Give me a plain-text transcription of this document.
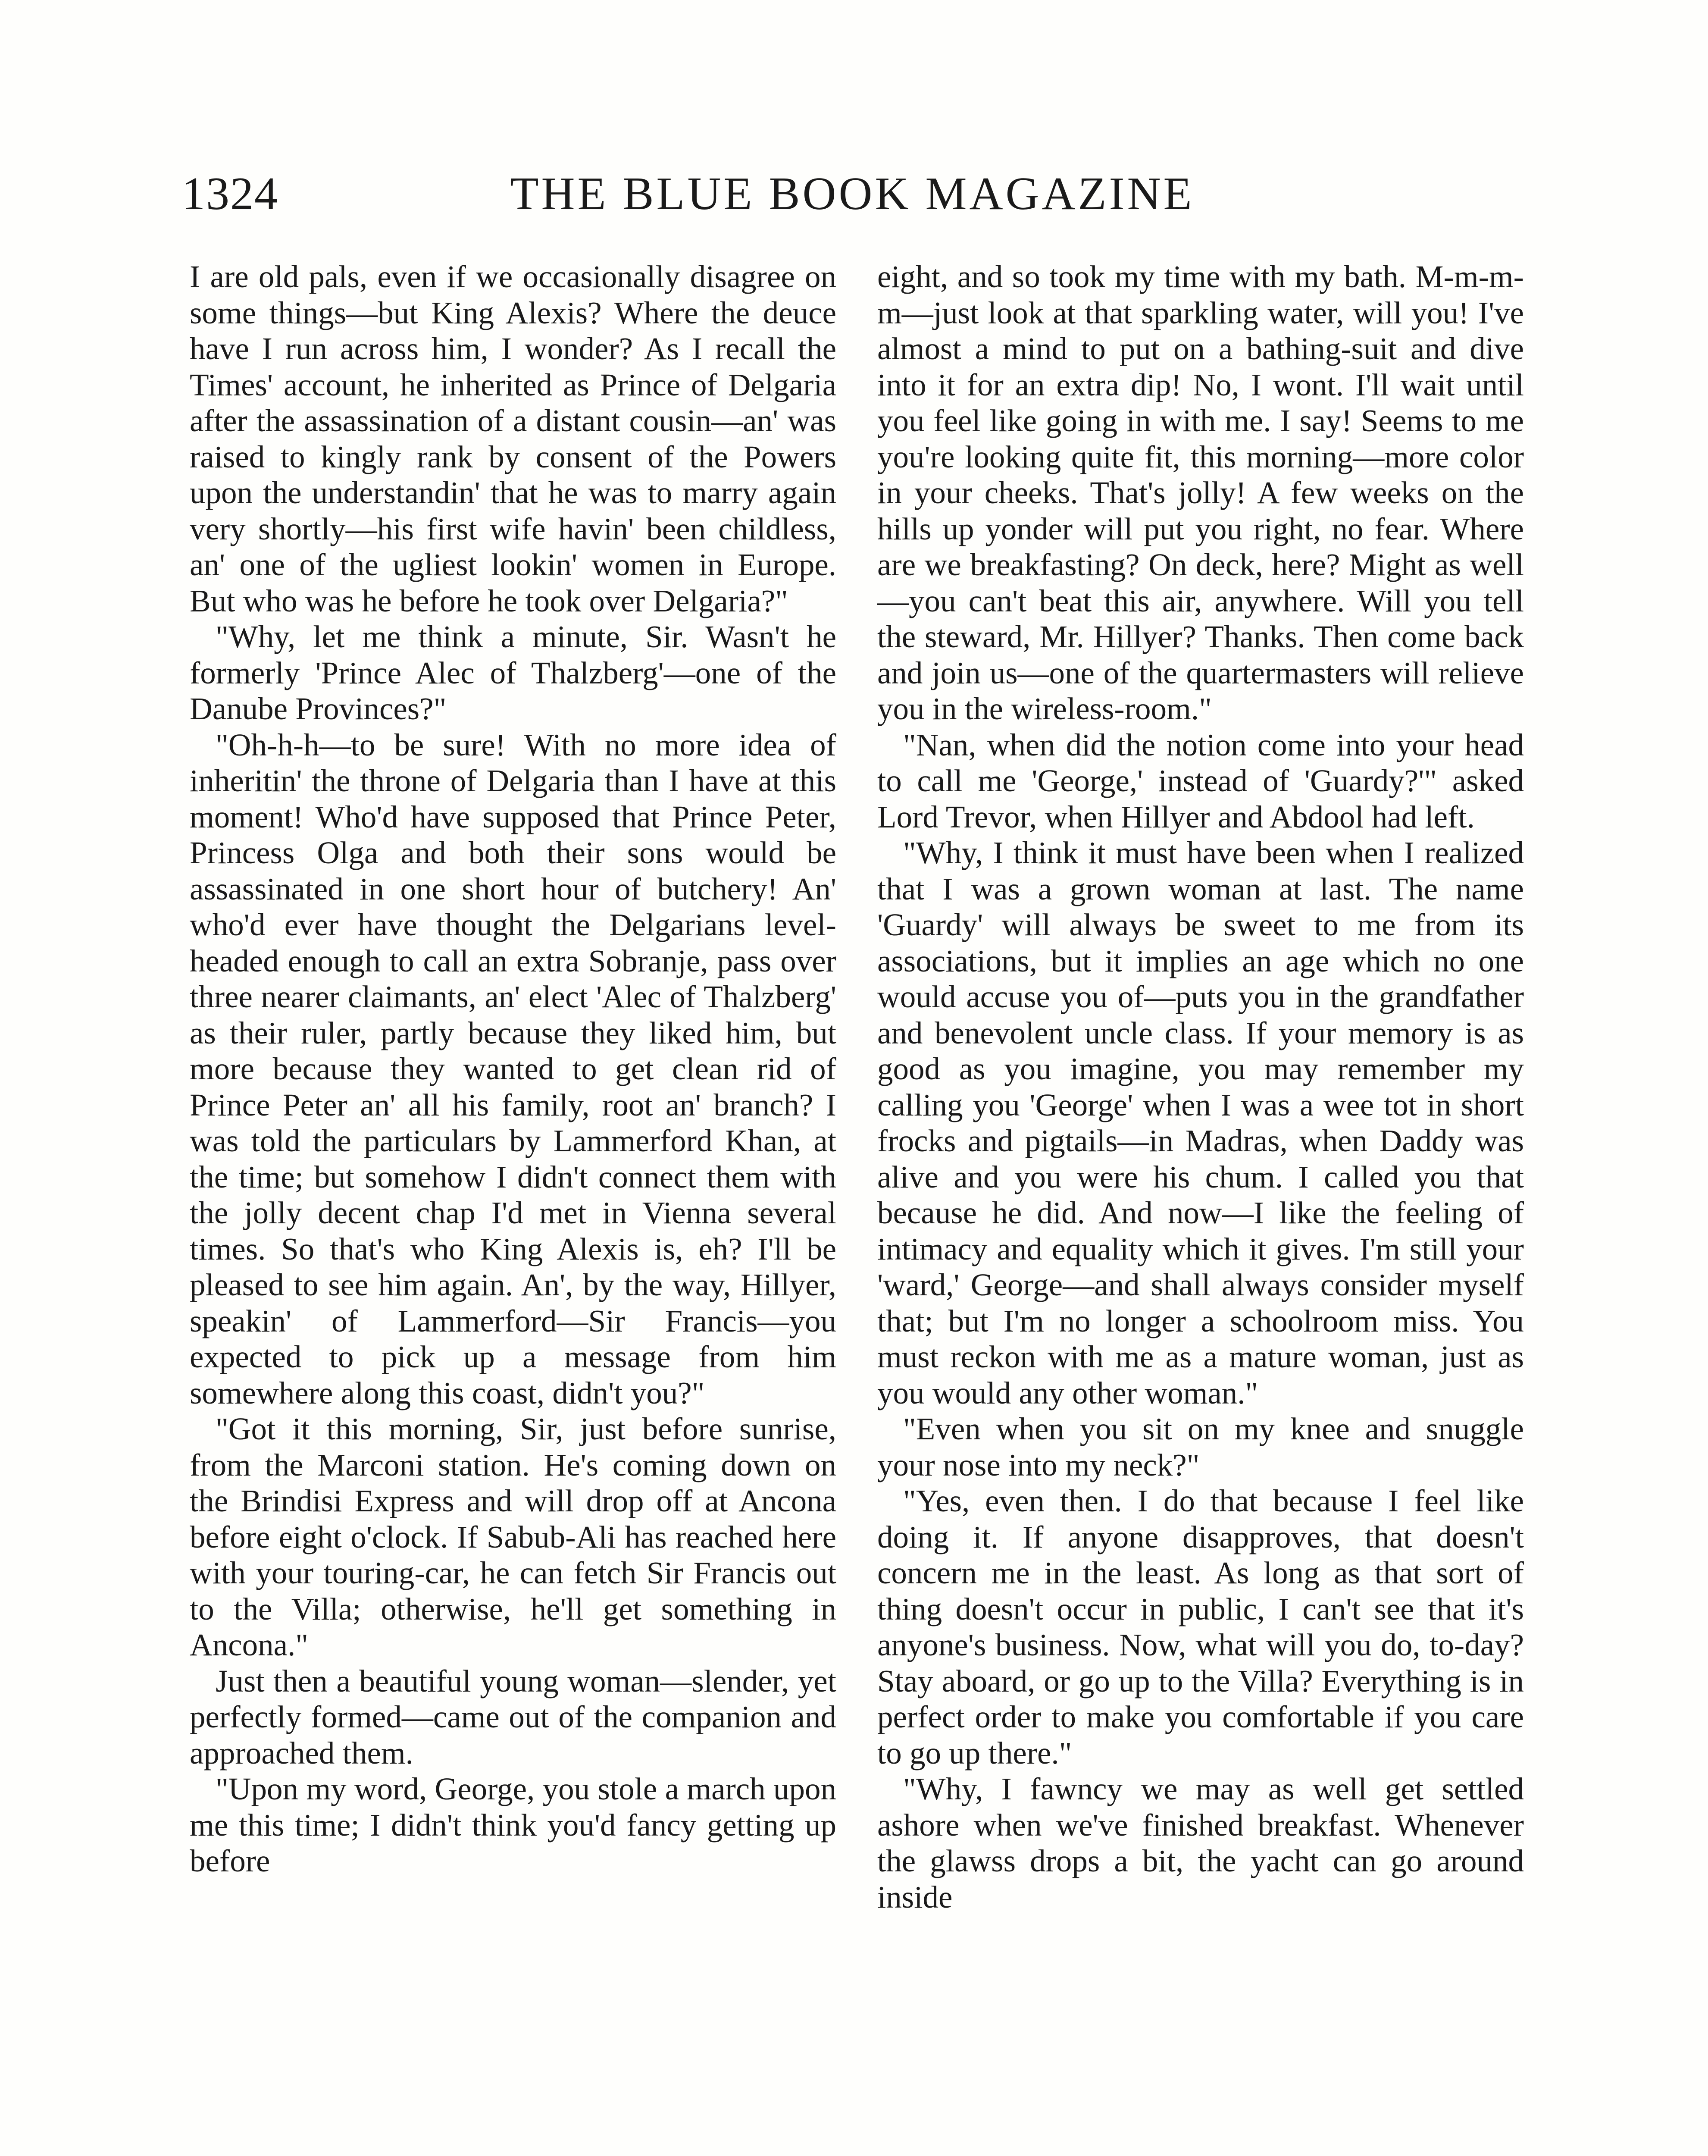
1324	THE BLUE BOOK MAGAZINE

I are old pals, even if we occasionally disagree on some things—but King Alexis? Where the deuce have I run across him, I wonder? As I recall the Times' account, he inherited as Prince of Delgaria after the assassination of a distant cousin—an' was raised to kingly rank by consent of the Powers upon the understandin' that he was to marry again very shortly—his first wife havin' been childless, an' one of the ugliest lookin' women in Europe. But who was he before he took over Delgaria?"

"Why, let me think a minute, Sir. Wasn't he formerly 'Prince Alec of Thalzberg'—one of the Danube Provinces?"

"Oh-h-h—to be sure! With no more idea of inheritin' the throne of Delgaria than I have at this moment! Who'd have supposed that Prince Peter, Princess Olga and both their sons would be assassinated in one short hour of butchery! An' who'd ever have thought the Delgarians level-headed enough to call an extra Sobranje, pass over three nearer claimants, an' elect 'Alec of Thalzberg' as their ruler, partly because they liked him, but more because they wanted to get clean rid of Prince Peter an' all his family, root an' branch? I was told the particulars by Lammerford Khan, at the time; but somehow I didn't connect them with the jolly decent chap I'd met in Vienna several times. So that's who King Alexis is, eh? I'll be pleased to see him again. An', by the way, Hillyer, speakin' of Lammerford—Sir Francis—you expected to pick up a message from him somewhere along this coast, didn't you?"

"Got it this morning, Sir, just before sunrise, from the Marconi station. He's coming down on the Brindisi Express and will drop off at Ancona before eight o'clock. If Sabub-Ali has reached here with your touring-car, he can fetch Sir Francis out to the Villa; otherwise, he'll get something in Ancona."

Just then a beautiful young woman—slender, yet perfectly formed—came out of the companion and approached them.

"Upon my word, George, you stole a march upon me this time; I didn't think you'd fancy getting up before

eight, and so took my time with my bath. M-m-m-m—just look at that sparkling water, will you! I've almost a mind to put on a bathing-suit and dive into it for an extra dip! No, I wont. I'll wait until you feel like going in with me. I say! Seems to me you're looking quite fit, this morning—more color in your cheeks. That's jolly! A few weeks on the hills up yonder will put you right, no fear. Where are we breakfasting? On deck, here? Might as well—you can't beat this air, anywhere. Will you tell the steward, Mr. Hillyer? Thanks. Then come back and join us—one of the quartermasters will relieve you in the wireless-room."

"Nan, when did the notion come into your head to call me 'George,' instead of 'Guardy?'" asked Lord Trevor, when Hillyer and Abdool had left.

"Why, I think it must have been when I realized that I was a grown woman at last. The name 'Guardy' will always be sweet to me from its associations, but it implies an age which no one would accuse you of—puts you in the grandfather and benevolent uncle class. If your memory is as good as you imagine, you may remember my calling you 'George' when I was a wee tot in short frocks and pigtails—in Madras, when Daddy was alive and you were his chum. I called you that because he did. And now—I like the feeling of intimacy and equality which it gives. I'm still your 'ward,' George—and shall always consider myself that; but I'm no longer a schoolroom miss. You must reckon with me as a mature woman, just as you would any other woman."

"Even when you sit on my knee and snuggle your nose into my neck?"

"Yes, even then. I do that because I feel like doing it. If anyone disapproves, that doesn't concern me in the least. As long as that sort of thing doesn't occur in public, I can't see that it's anyone's business. Now, what will you do, to-day? Stay aboard, or go up to the Villa? Everything is in perfect order to make you comfortable if you care to go up there."

"Why, I fawncy we may as well get settled ashore when we've finished breakfast. Whenever the glawss drops a bit, the yacht can go around inside
